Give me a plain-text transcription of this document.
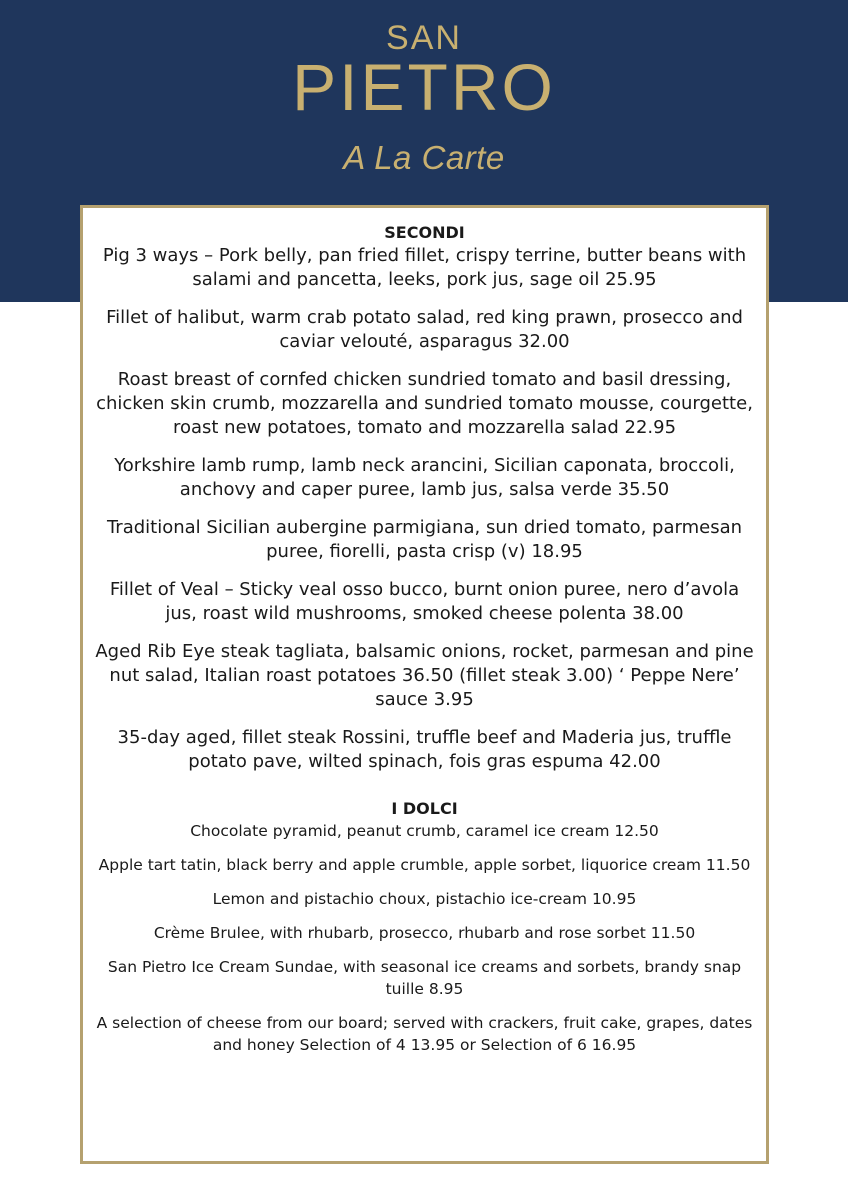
SAN
PIETRO
A La Carte

SECONDI

Pig 3 ways – Pork belly, pan fried fillet, crispy terrine, butter beans with salami and pancetta, leeks, pork jus, sage oil 25.95

Fillet of halibut, warm crab potato salad, red king prawn, prosecco and caviar velouté, asparagus 32.00

Roast breast of cornfed chicken sundried tomato and basil dressing, chicken skin crumb, mozzarella and sundried tomato mousse, courgette, roast new potatoes, tomato and mozzarella salad 22.95

Yorkshire lamb rump, lamb neck arancini, Sicilian caponata, broccoli, anchovy and caper puree, lamb jus, salsa verde 35.50

Traditional Sicilian aubergine parmigiana, sun dried tomato, parmesan puree, fiorelli, pasta crisp (v) 18.95

Fillet of Veal – Sticky veal osso bucco, burnt onion puree, nero d’avola jus, roast wild mushrooms, smoked cheese polenta 38.00

Aged Rib Eye steak tagliata, balsamic onions, rocket, parmesan and pine nut salad, Italian roast potatoes 36.50 (fillet steak 3.00) ‘ Peppe Nere’ sauce 3.95

35-day aged, fillet steak Rossini, truffle beef and Maderia jus, truffle potato pave, wilted spinach, fois gras espuma 42.00

I DOLCI

Chocolate pyramid, peanut crumb, caramel ice cream 12.50

Apple tart tatin, black berry and apple crumble, apple sorbet, liquorice cream 11.50

Lemon and pistachio choux, pistachio ice-cream 10.95

Crème Brulee, with rhubarb, prosecco, rhubarb and rose sorbet 11.50

San Pietro Ice Cream Sundae, with seasonal ice creams and sorbets, brandy snap tuille 8.95

A selection of cheese from our board; served with crackers, fruit cake, grapes, dates and honey Selection of 4 13.95 or Selection of 6 16.95
